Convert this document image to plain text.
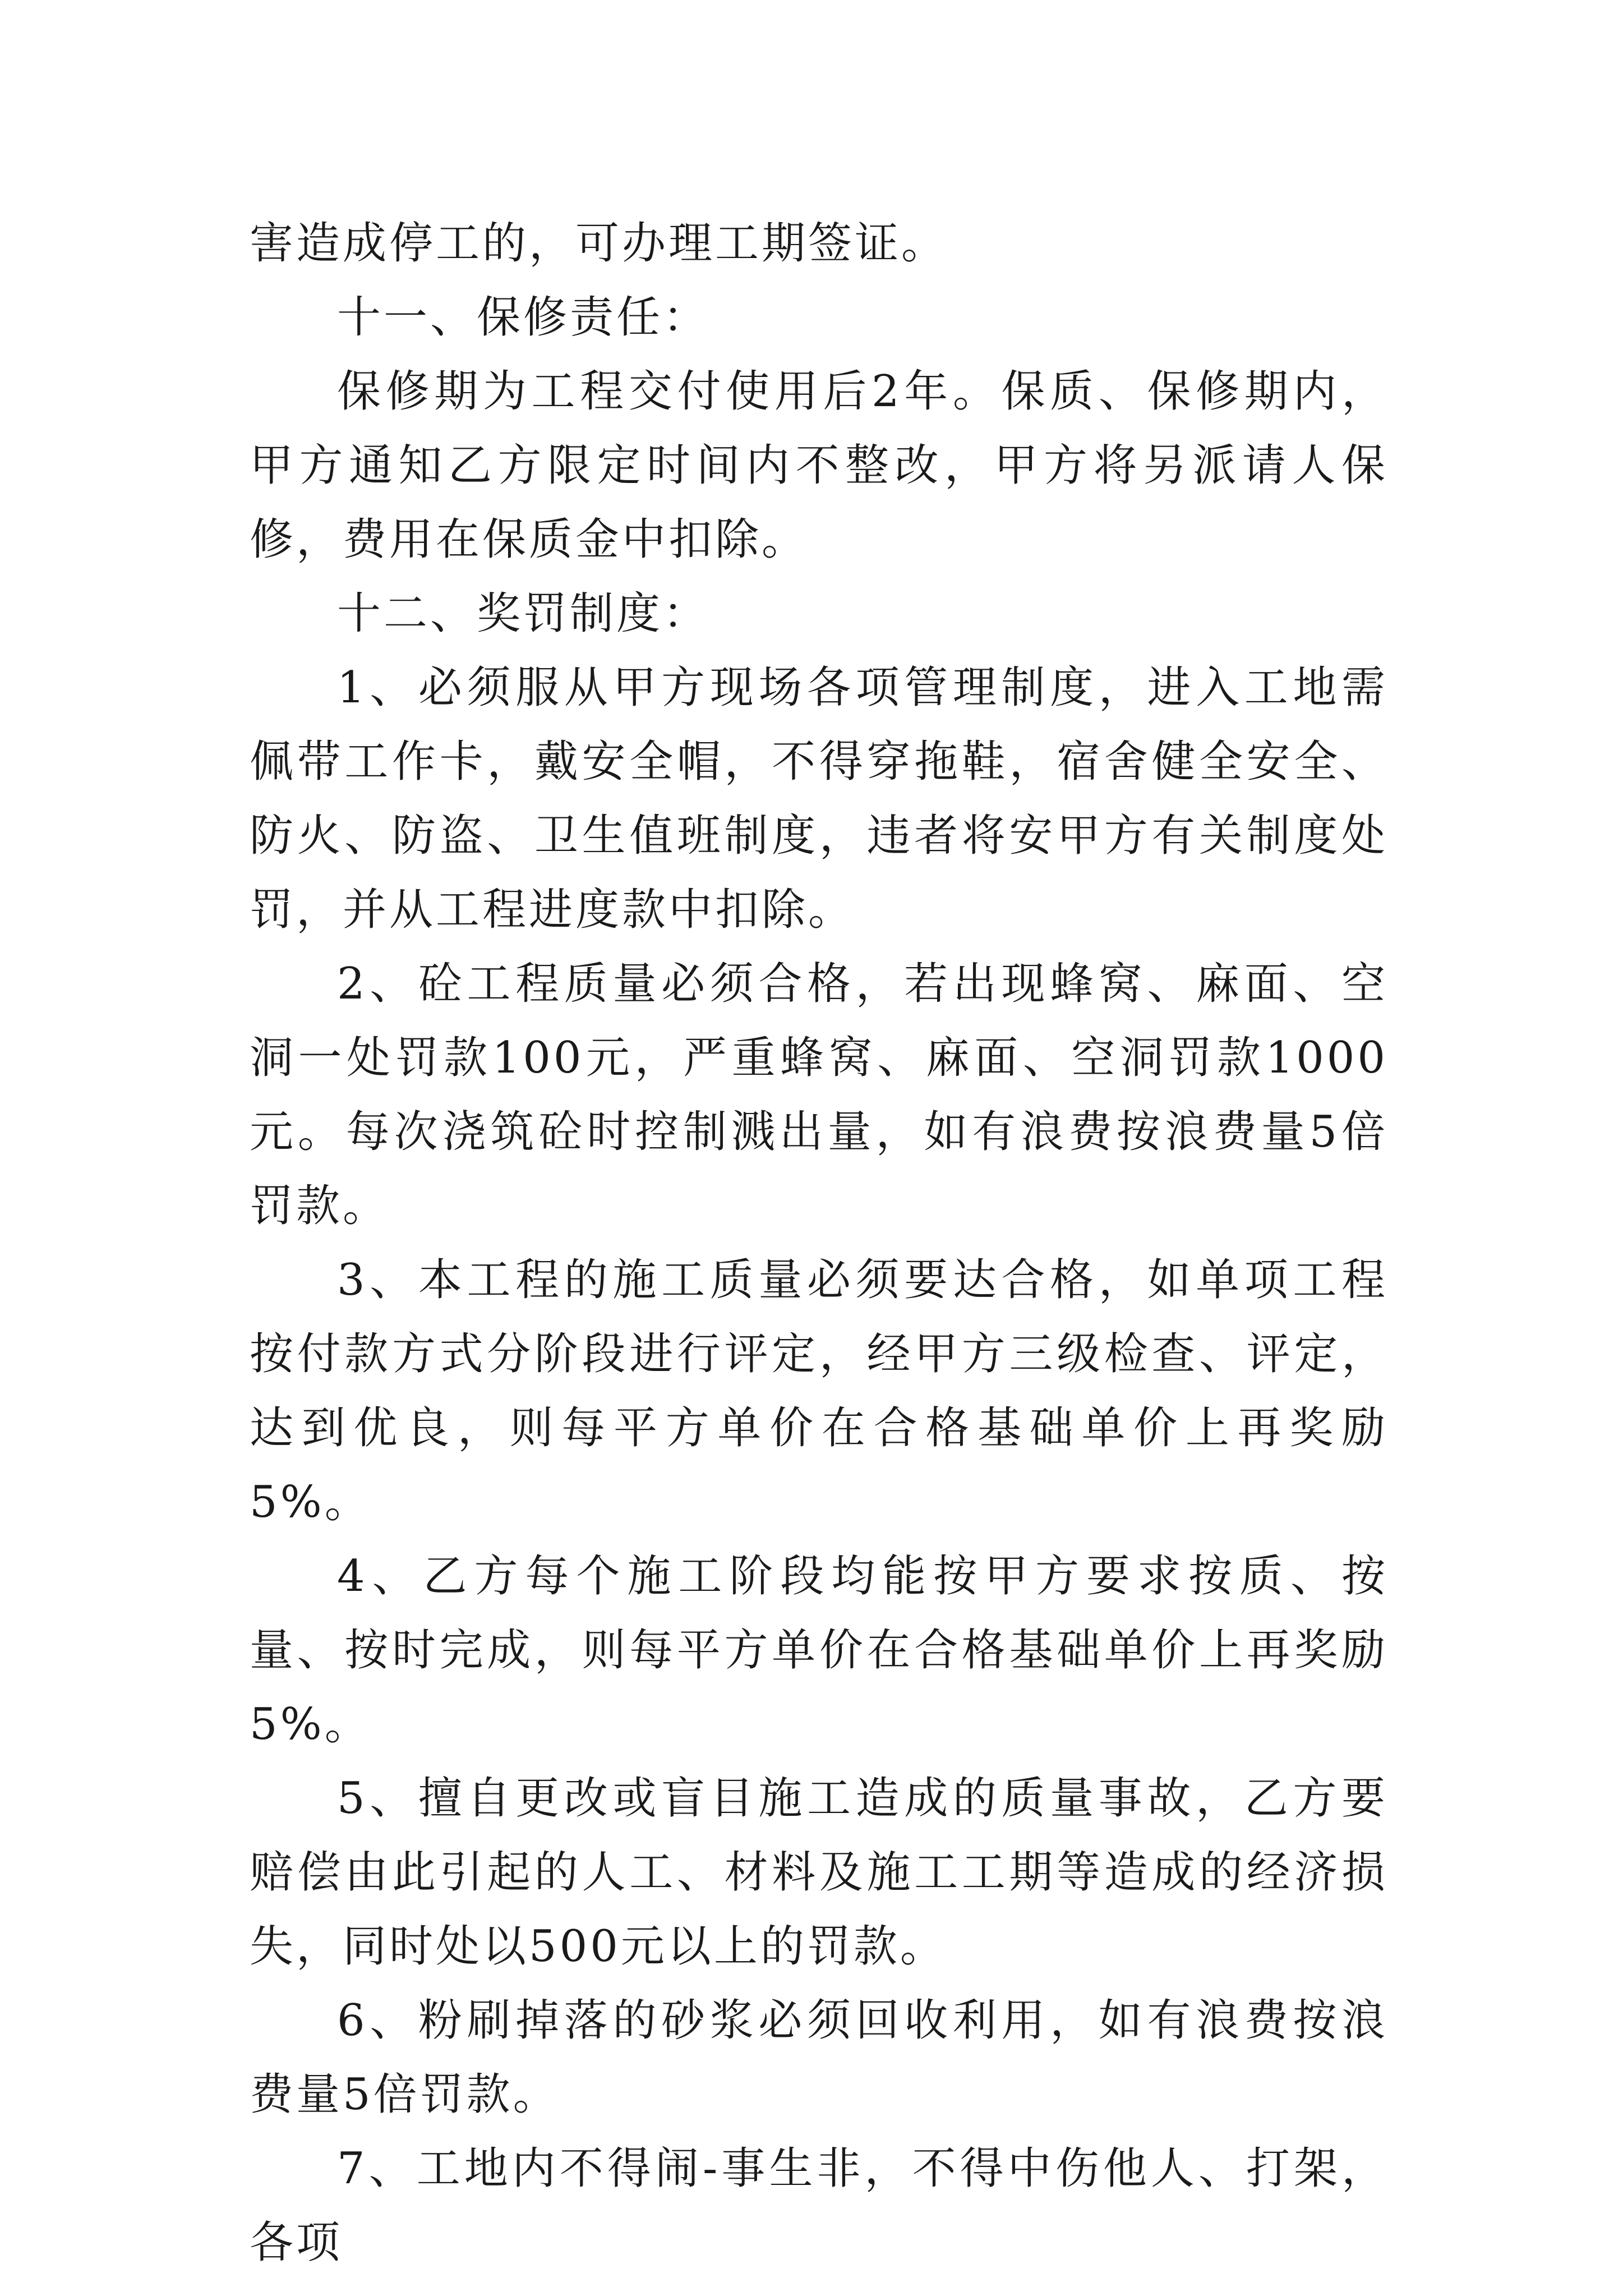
害造成停工的，可办理工期签证。

十一、保修责任：

保修期为工程交付使用后2年。保质、保修期内，甲方通知乙方限定时间内不整改，甲方将另派请人保修，费用在保质金中扣除。

十二、奖罚制度：

1、必须服从甲方现场各项管理制度，进入工地需佩带工作卡，戴安全帽，不得穿拖鞋，宿舍健全安全、防火、防盗、卫生值班制度，违者将安甲方有关制度处罚，并从工程进度款中扣除。

2、砼工程质量必须合格，若出现蜂窝、麻面、空洞一处罚款100元，严重蜂窝、麻面、空洞罚款1000元。每次浇筑砼时控制溅出量，如有浪费按浪费量5倍罚款。

3、本工程的施工质量必须要达合格，如单项工程按付款方式分阶段进行评定，经甲方三级检查、评定，达到优良，则每平方单价在合格基础单价上再奖励5%。

4、乙方每个施工阶段均能按甲方要求按质、按量、按时完成，则每平方单价在合格基础单价上再奖励5%。

5、擅自更改或盲目施工造成的质量事故，乙方要赔偿由此引起的人工、材料及施工工期等造成的经济损失，同时处以500元以上的罚款。

6、粉刷掉落的砂浆必须回收利用，如有浪费按浪费量5倍罚款。

7、工地内不得闹-事生非，不得中伤他人、打架，各项
